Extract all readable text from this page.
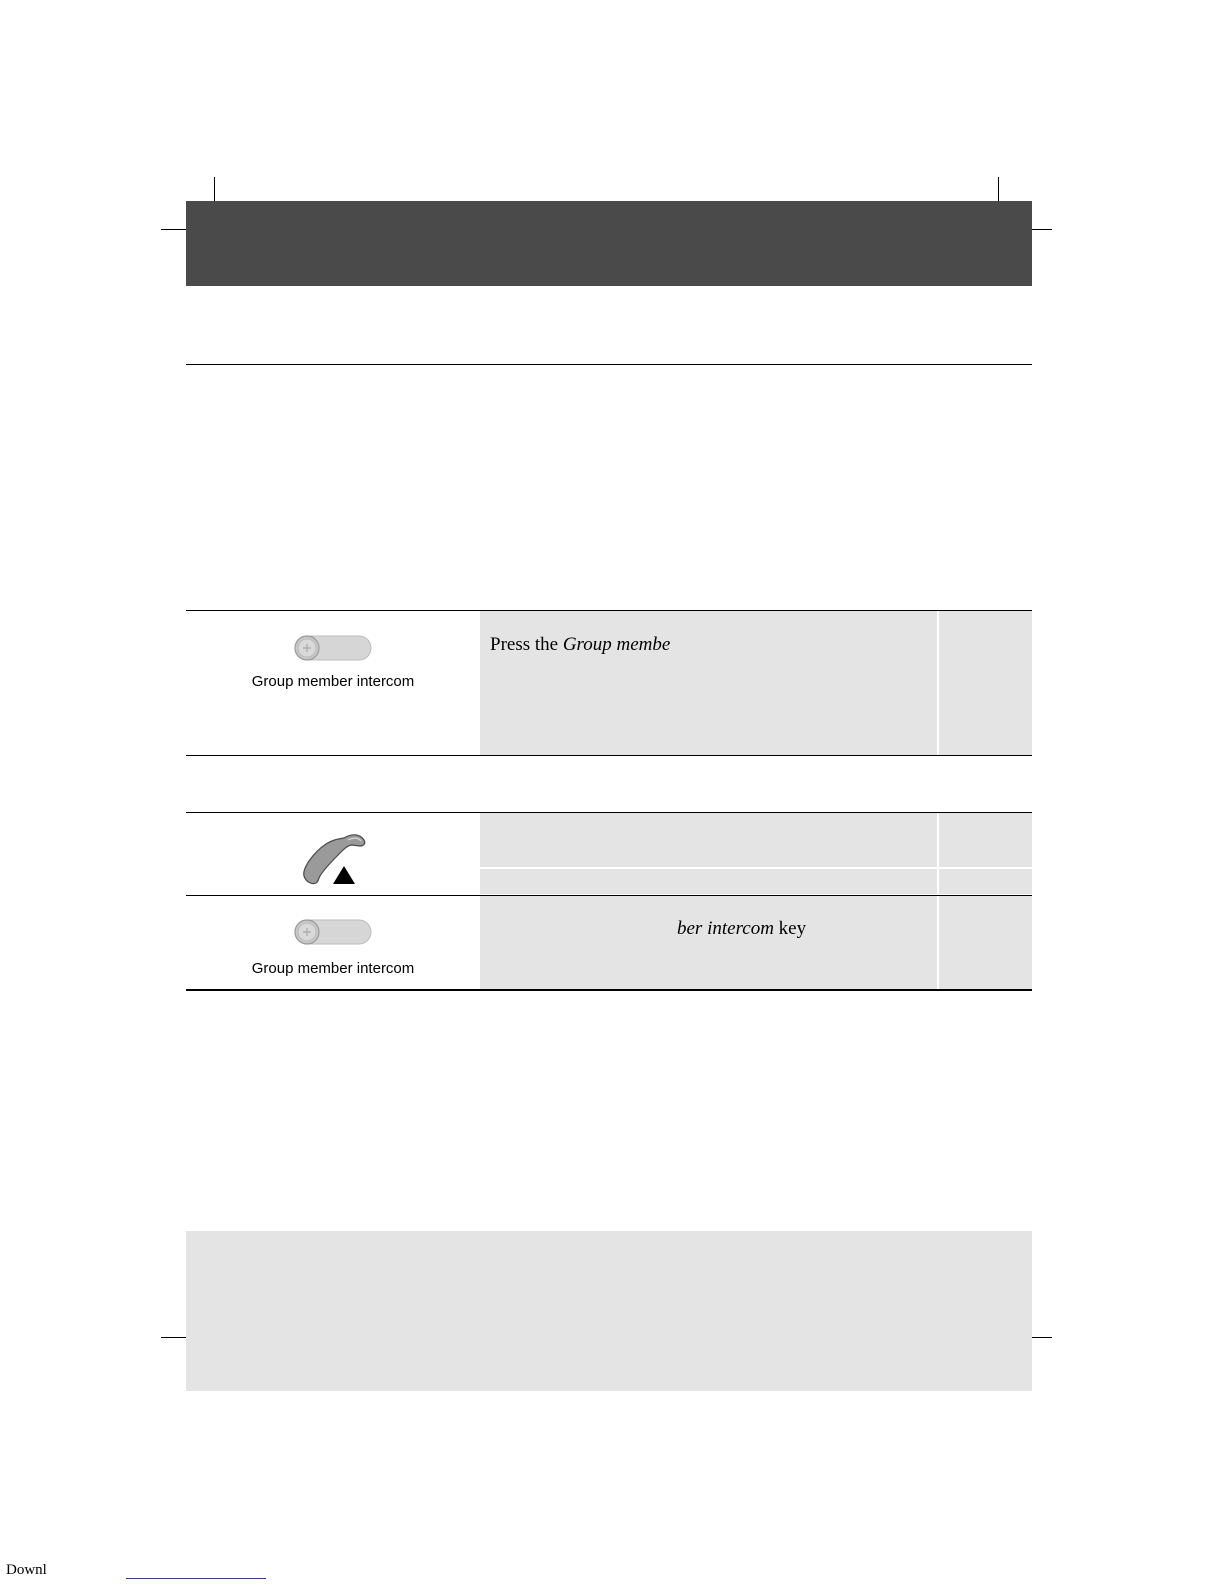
Group member intercom
Press the Group membe
Group member intercom
ber intercom key
Downl
